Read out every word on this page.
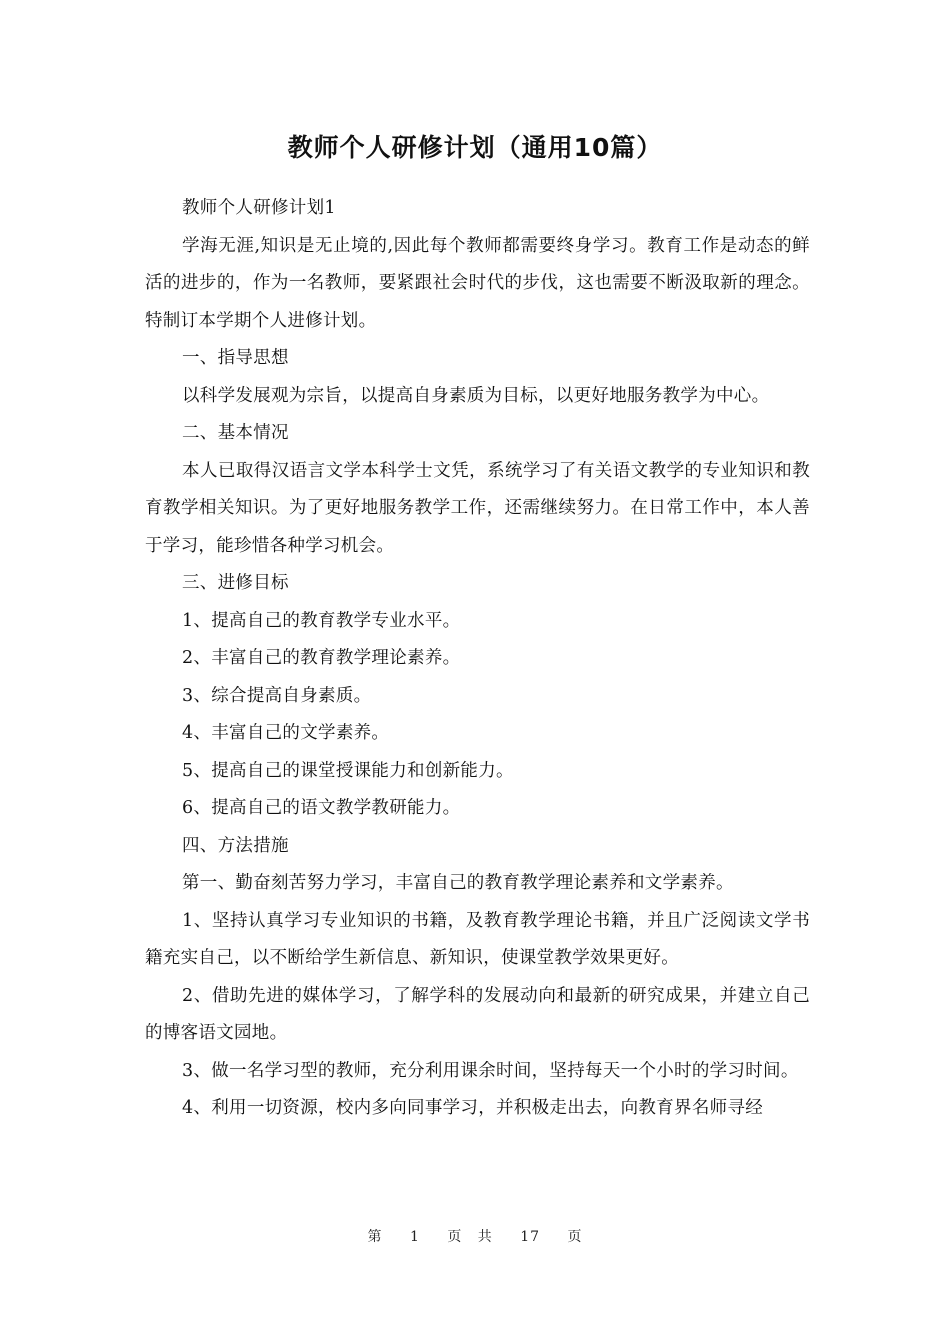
教师个人研修计划（通用10篇）

教师个人研修计划1

学海无涯,知识是无止境的,因此每个教师都需要终身学习。教育工作是动态的鲜活的进步的，作为一名教师，要紧跟社会时代的步伐，这也需要不断汲取新的理念。特制订本学期个人进修计划。

一、指导思想

以科学发展观为宗旨，以提高自身素质为目标，以更好地服务教学为中心。

二、基本情况

本人已取得汉语言文学本科学士文凭，系统学习了有关语文教学的专业知识和教育教学相关知识。为了更好地服务教学工作，还需继续努力。在日常工作中，本人善于学习，能珍惜各种学习机会。

三、进修目标

1、提高自己的教育教学专业水平。

2、丰富自己的教育教学理论素养。

3、综合提高自身素质。

4、丰富自己的文学素养。

5、提高自己的课堂授课能力和创新能力。

6、提高自己的语文教学教研能力。

四、方法措施

第一、勤奋刻苦努力学习，丰富自己的教育教学理论素养和文学素养。

1、坚持认真学习专业知识的书籍，及教育教学理论书籍，并且广泛阅读文学书籍充实自己，以不断给学生新信息、新知识，使课堂教学效果更好。

2、借助先进的媒体学习，了解学科的发展动向和最新的研究成果，并建立自己的博客语文园地。

3、做一名学习型的教师，充分利用课余时间，坚持每天一个小时的学习时间。

4、利用一切资源，校内多向同事学习，并积极走出去，向教育界名师寻经

第 1 页 共 17 页
